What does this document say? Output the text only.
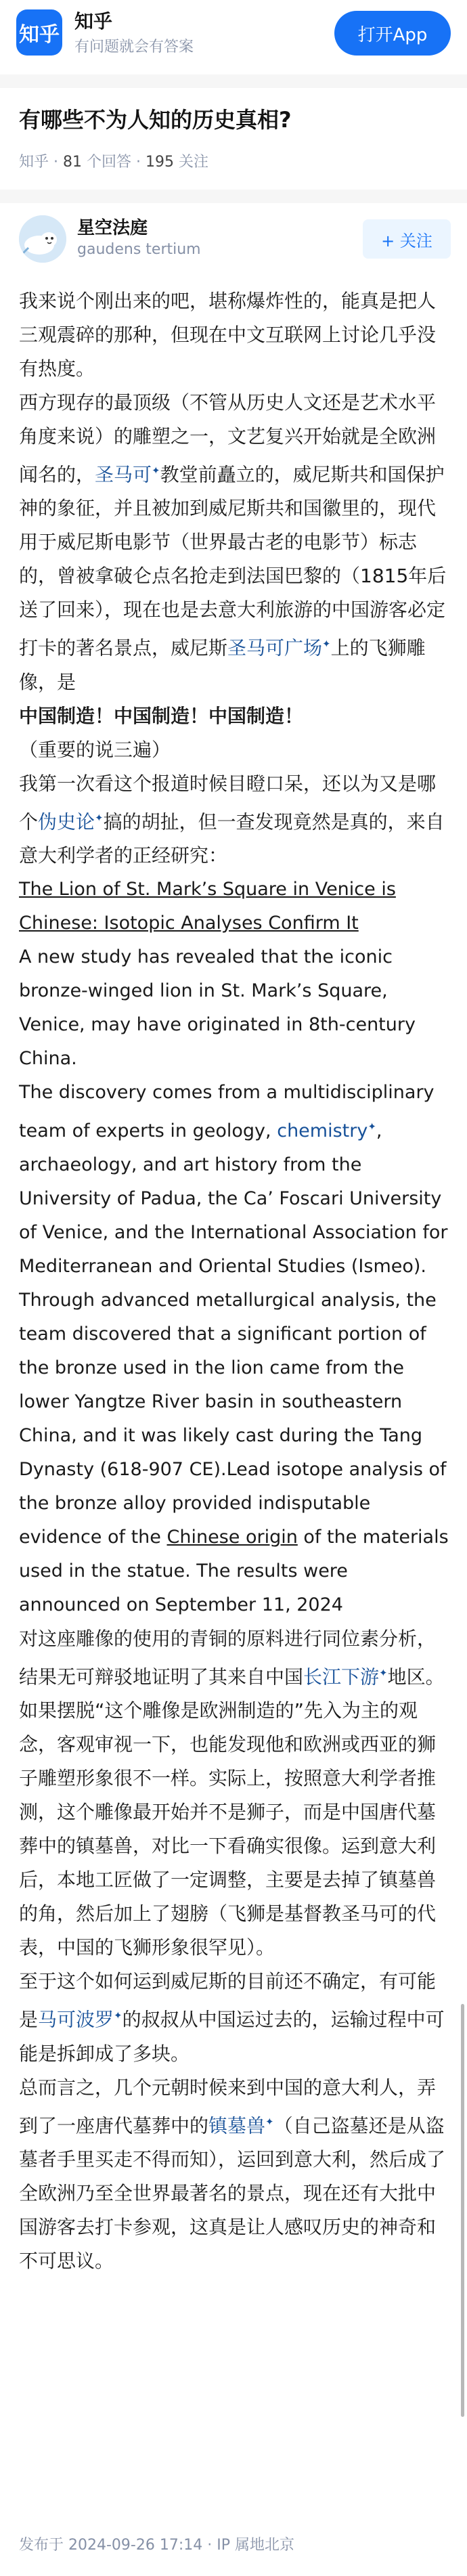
知乎
知乎
有问题就会有答案
打开App
有哪些不为人知的历史真相?
知乎 · 81 个回答 · 195 关注
星空法庭
gaudens tertium	+ 关注

我来说个刚出来的吧，堪称爆炸性的，能真是把人三观震碎的那种，但现在中文互联网上讨论几乎没有热度。

西方现存的最顶级（不管从历史人文还是艺术水平角度来说）的雕塑之一，文艺复兴开始就是全欧洲闻名的，圣马可✦教堂前矗立的，威尼斯共和国保护神的象征，并且被加到威尼斯共和国徽里的，现代用于威尼斯电影节（世界最古老的电影节）标志的，曾被拿破仑点名抢走到法国巴黎的（1815年后送了回来），现在也是去意大利旅游的中国游客必定打卡的著名景点，威尼斯圣马可广场✦上的飞狮雕像，是

中国制造！中国制造！中国制造！

（重要的说三遍）

我第一次看这个报道时候目瞪口呆，还以为又是哪个伪史论✦搞的胡扯，但一查发现竟然是真的，来自意大利学者的正经研究：

The Lion of St. Mark’s Square in Venice is Chinese: Isotopic Analyses Confirm It

A new study has revealed that the iconic bronze-winged lion in St. Mark’s Square, Venice, may have originated in 8th-century China.

The discovery comes from a multidisciplinary team of experts in geology, chemistry✦, archaeology, and art history from the University of Padua, the Ca’ Foscari University of Venice, and the International Association for Mediterranean and Oriental Studies (Ismeo). Through advanced metallurgical analysis, the team discovered that a significant portion of the bronze used in the lion came from the lower Yangtze River basin in southeastern China, and it was likely cast during the Tang Dynasty (618-907 CE).Lead isotope analysis of the bronze alloy provided indisputable evidence of the Chinese origin of the materials used in the statue. The results were announced on September 11, 2024

对这座雕像的使用的青铜的原料进行同位素分析，结果无可辩驳地证明了其来自中国长江下游✦地区。

如果摆脱“这个雕像是欧洲制造的”先入为主的观念，客观审视一下，也能发现他和欧洲或西亚的狮子雕塑形象很不一样。实际上，按照意大利学者推测，这个雕像最开始并不是狮子，而是中国唐代墓葬中的镇墓兽，对比一下看确实很像。运到意大利后，本地工匠做了一定调整，主要是去掉了镇墓兽的角，然后加上了翅膀（飞狮是基督教圣马可的代表，中国的飞狮形象很罕见）。

至于这个如何运到威尼斯的目前还不确定，有可能是马可波罗✦的叔叔从中国运过去的，运输过程中可能是拆卸成了多块。

总而言之，几个元朝时候来到中国的意大利人，弄到了一座唐代墓葬中的镇墓兽✦（自己盗墓还是从盗墓者手里买走不得而知），运回到意大利，然后成了全欧洲乃至全世界最著名的景点，现在还有大批中国游客去打卡参观，这真是让人感叹历史的神奇和不可思议。

发布于 2024-09-26 17:14 · IP 属地北京
